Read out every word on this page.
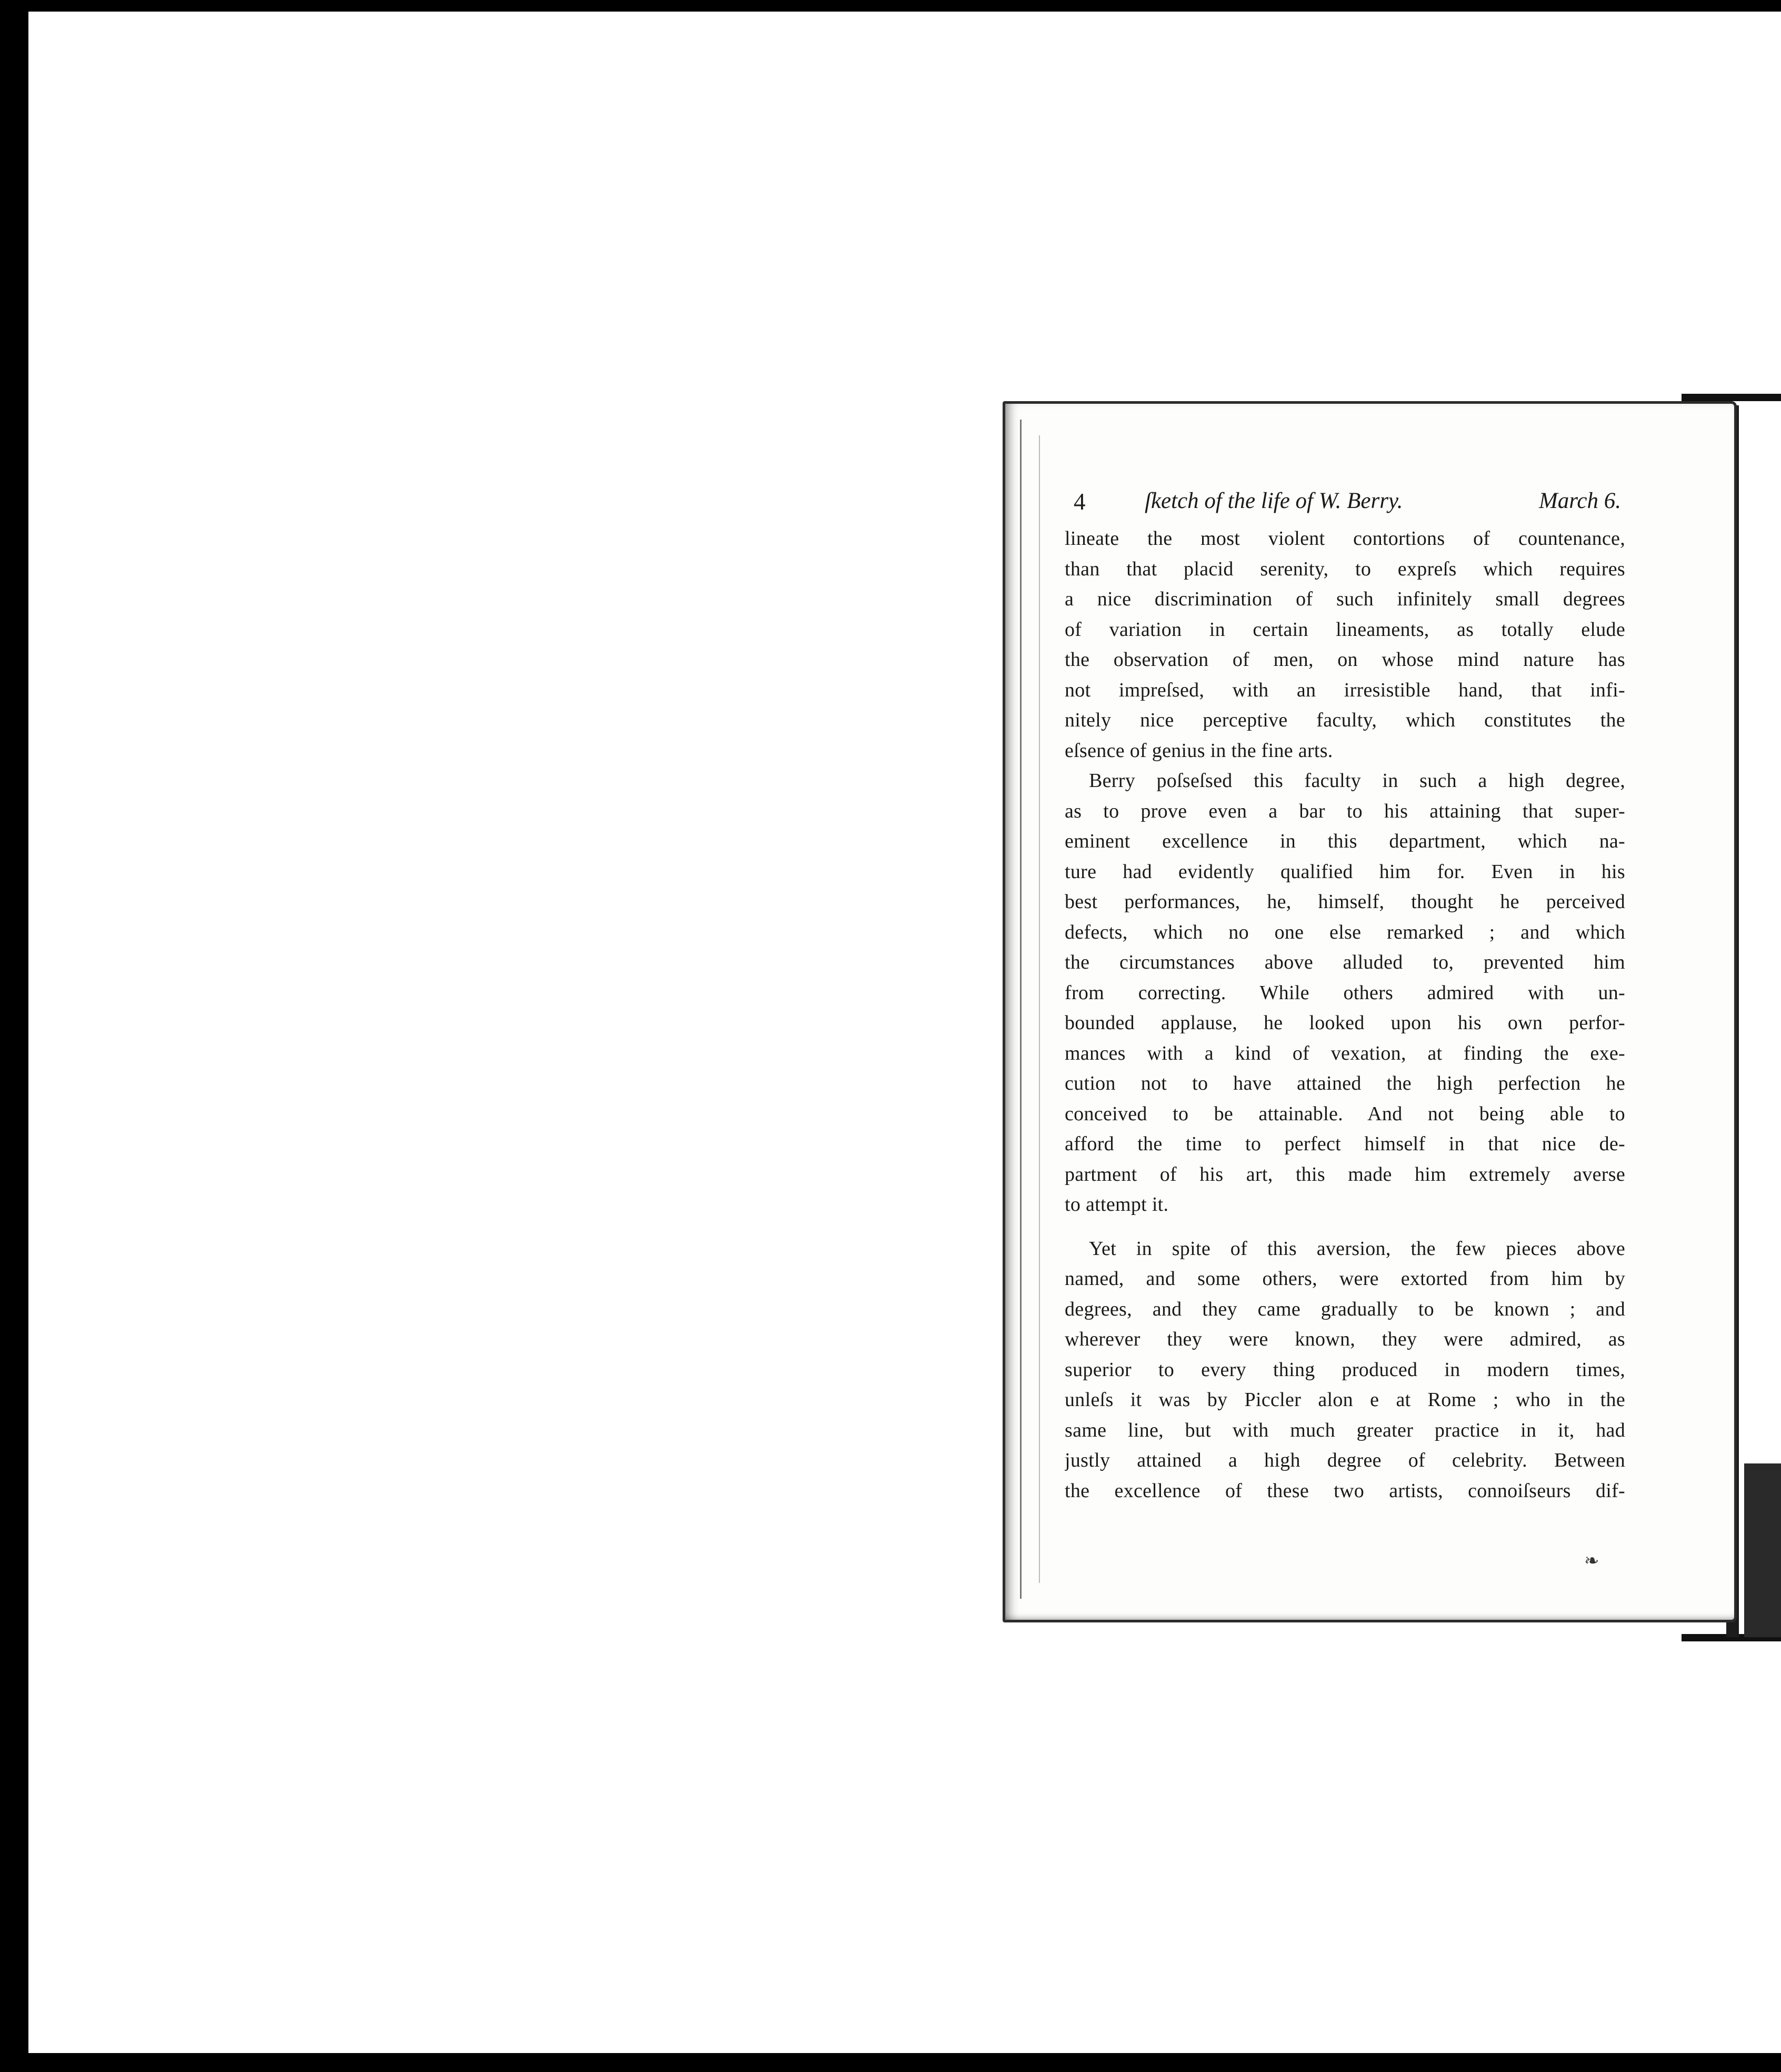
4	ſketch of the life of W. Berry.	March 6.
lineate the most violent contortions of countenance,
than that placid serenity, to expreſs which requires
a nice discrimination of such infinitely small degrees
of variation in certain lineaments, as totally elude
the observation of men, on whose mind nature has
not impreſsed, with an irresistible hand, that infi-
nitely nice perceptive faculty, which constitutes the
eſsence of genius in the fine arts.
Berry poſseſsed this faculty in such a high degree,
as to prove even a bar to his attaining that super-
eminent excellence in this department, which na-
ture had evidently qualified him for. Even in his
best performances, he, himself, thought he perceived
defects, which no one else remarked ; and which
the circumstances above alluded to, prevented him
from correcting. While others admired with un-
bounded applause, he looked upon his own perfor-
mances with a kind of vexation, at finding the exe-
cution not to have attained the high perfection he
conceived to be attainable. And not being able to
afford the time to perfect himself in that nice de-
partment of his art, this made him extremely averse
to attempt it.
Yet in spite of this aversion, the few pieces above
named, and some others, were extorted from him by
degrees, and they came gradually to be known ; and
wherever they were known, they were admired, as
superior to every thing produced in modern times,
unleſs it was by Piccler alon e at Rome ; who in the
same line, but with much greater practice in it, had
justly attained a high degree of celebrity. Between
the excellence of these two artists, connoiſseurs dif-
❧
